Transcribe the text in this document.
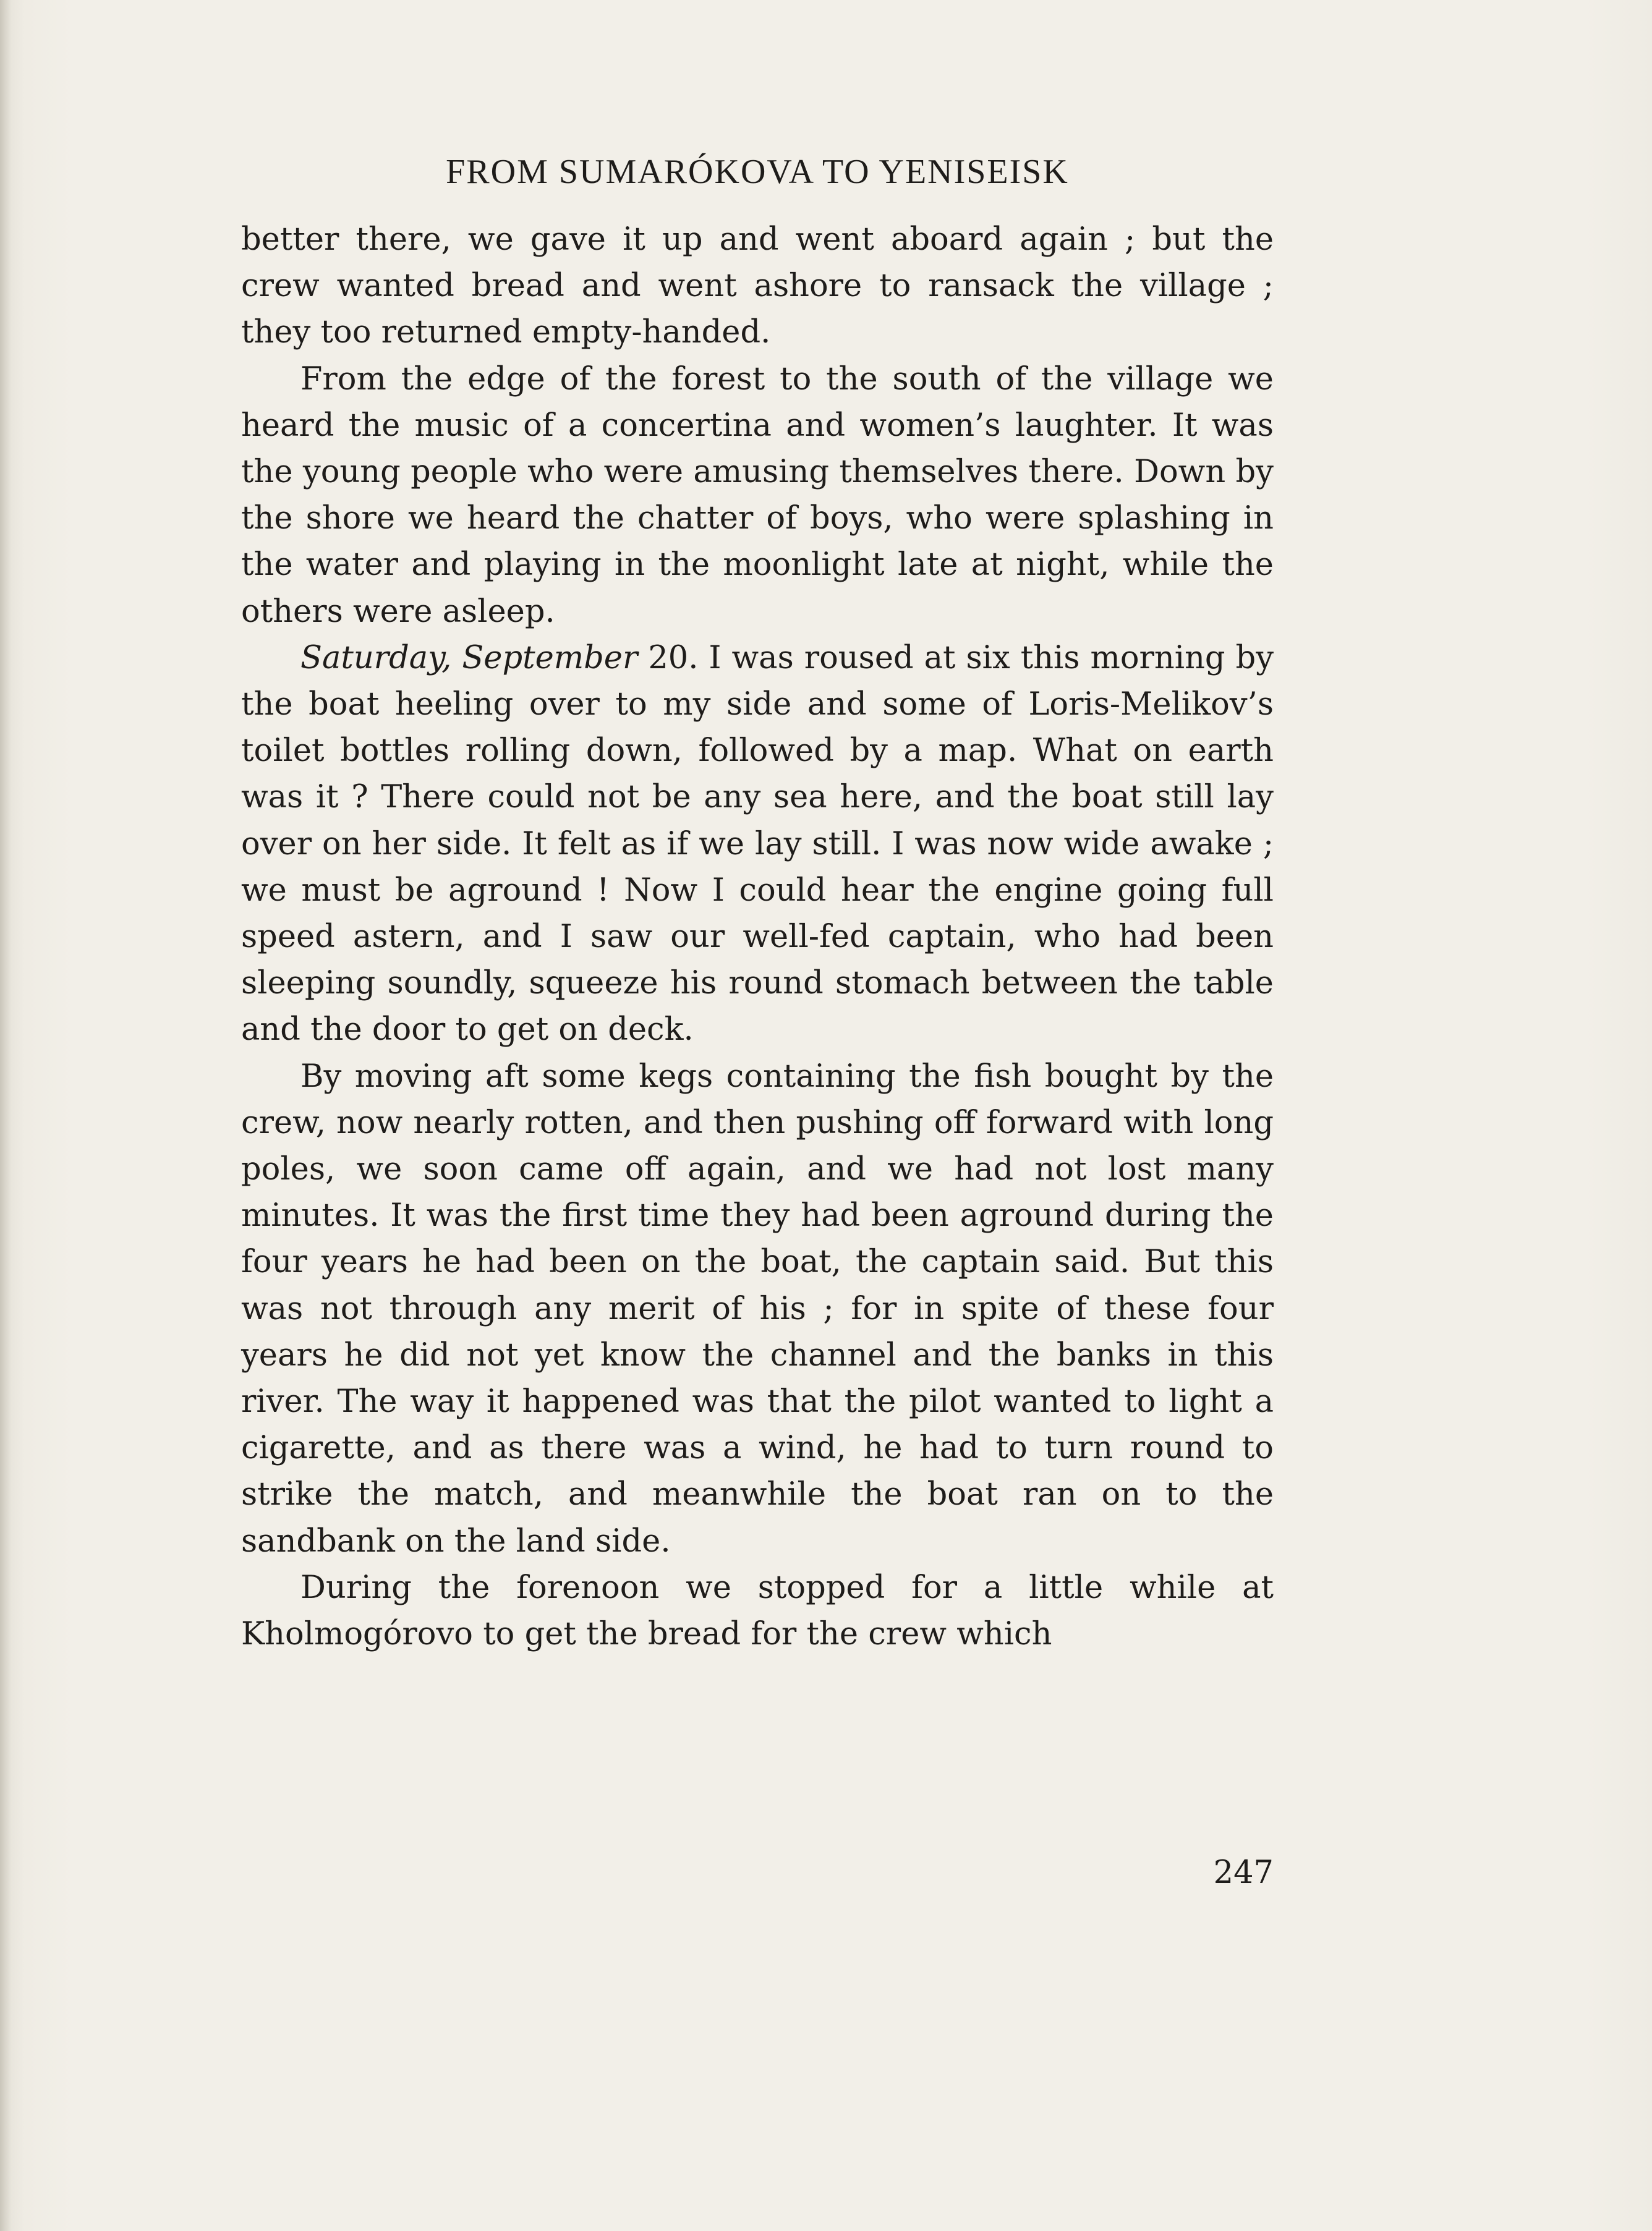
FROM SUMARÓKOVA TO YENISEISK

better there, we gave it up and went aboard again ; but the crew wanted bread and went ashore to ransack the village ; they too returned empty-handed.

From the edge of the forest to the south of the village we heard the music of a concertina and women’s laughter. It was the young people who were amusing themselves there. Down by the shore we heard the chatter of boys, who were splashing in the water and playing in the moonlight late at night, while the others were asleep.

Saturday, September 20. I was roused at six this morning by the boat heeling over to my side and some of Loris-Melikov’s toilet bottles rolling down, followed by a map. What on earth was it ? There could not be any sea here, and the boat still lay over on her side. It felt as if we lay still. I was now wide awake ; we must be aground ! Now I could hear the engine going full speed astern, and I saw our well-fed captain, who had been sleeping soundly, squeeze his round stomach between the table and the door to get on deck.

By moving aft some kegs containing the fish bought by the crew, now nearly rotten, and then pushing off forward with long poles, we soon came off again, and we had not lost many minutes. It was the first time they had been aground during the four years he had been on the boat, the captain said. But this was not through any merit of his ; for in spite of these four years he did not yet know the channel and the banks in this river. The way it happened was that the pilot wanted to light a cigarette, and as there was a wind, he had to turn round to strike the match, and meanwhile the boat ran on to the sandbank on the land side.

During the forenoon we stopped for a little while at Kholmogórovo to get the bread for the crew which

247
